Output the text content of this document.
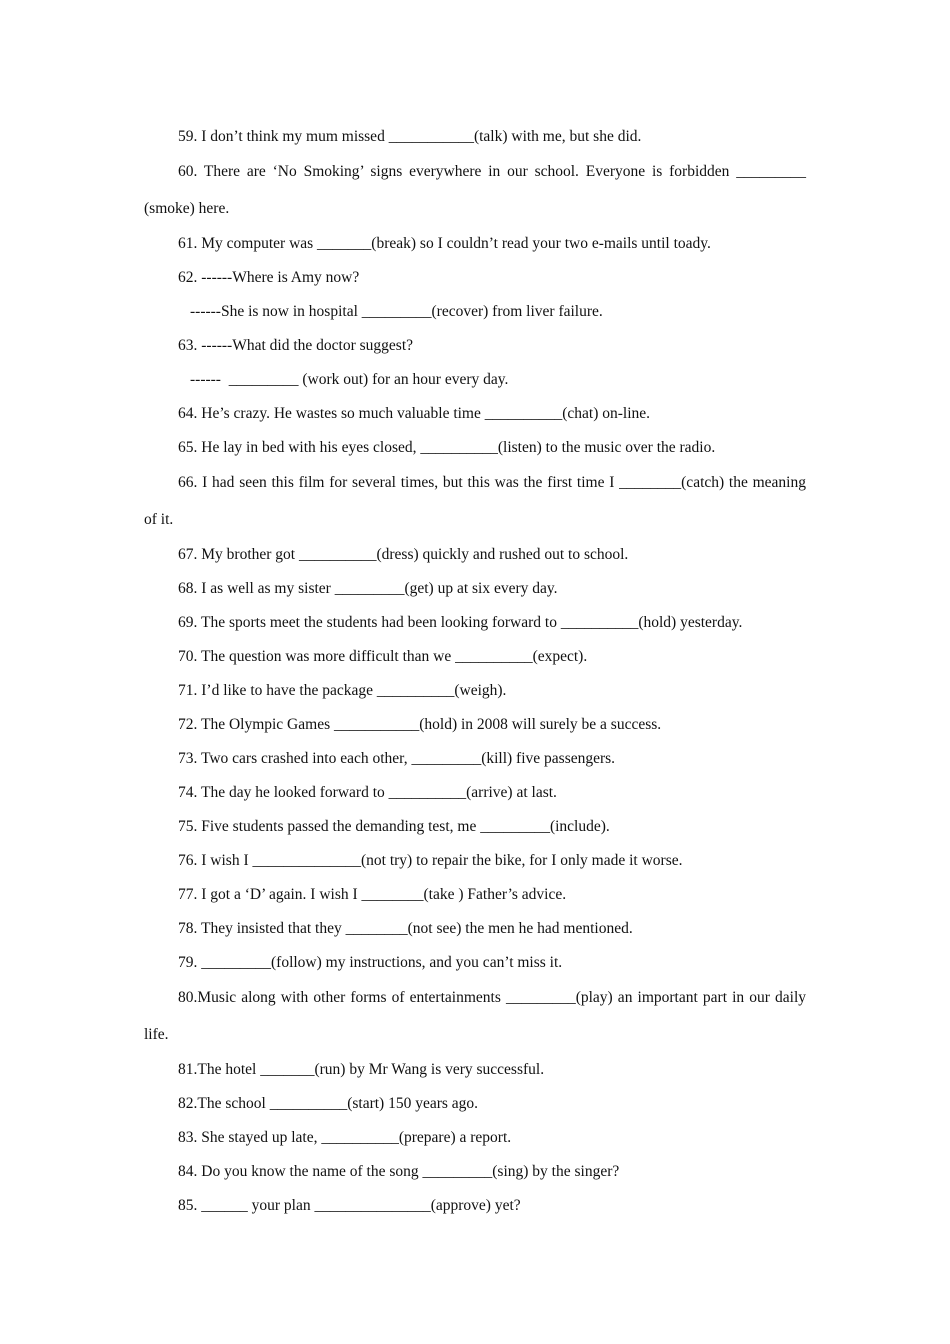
59. I don’t think my mum missed ___________(talk) with me, but she did.

60. There are ‘No Smoking’ signs everywhere in our school. Everyone is forbidden _________ (smoke) here.

61. My computer was _______(break) so I couldn’t read your two e-mails until toady.

62. ------Where is Amy now?

------She is now in hospital _________(recover) from liver failure.

63. ------What did the doctor suggest?

------  _________ (work out) for an hour every day.

64. He’s crazy. He wastes so much valuable time __________(chat) on-line.

65. He lay in bed with his eyes closed, __________(listen) to the music over the radio.

66. I had seen this film for several times, but this was the first time I ________(catch) the meaning of it.

67. My brother got __________(dress) quickly and rushed out to school.

68. I as well as my sister _________(get) up at six every day.

69. The sports meet the students had been looking forward to __________(hold) yesterday.

70. The question was more difficult than we __________(expect).

71. I’d like to have the package __________(weigh).

72. The Olympic Games ___________(hold) in 2008 will surely be a success.

73. Two cars crashed into each other, _________(kill) five passengers.

74. The day he looked forward to __________(arrive) at last.

75. Five students passed the demanding test, me _________(include).

76. I wish I ______________(not try) to repair the bike, for I only made it worse.

77. I got a ‘D’ again. I wish I ________(take ) Father’s advice.

78. They insisted that they ________(not see) the men he had mentioned.

79. _________(follow) my instructions, and you can’t miss it.

80.Music along with other forms of entertainments _________(play) an important part in our daily life.

81.The hotel _______(run) by Mr Wang is very successful.

82.The school __________(start) 150 years ago.

83. She stayed up late, __________(prepare) a report.

84. Do you know the name of the song _________(sing) by the singer?

85. ______ your plan _______________(approve) yet?
